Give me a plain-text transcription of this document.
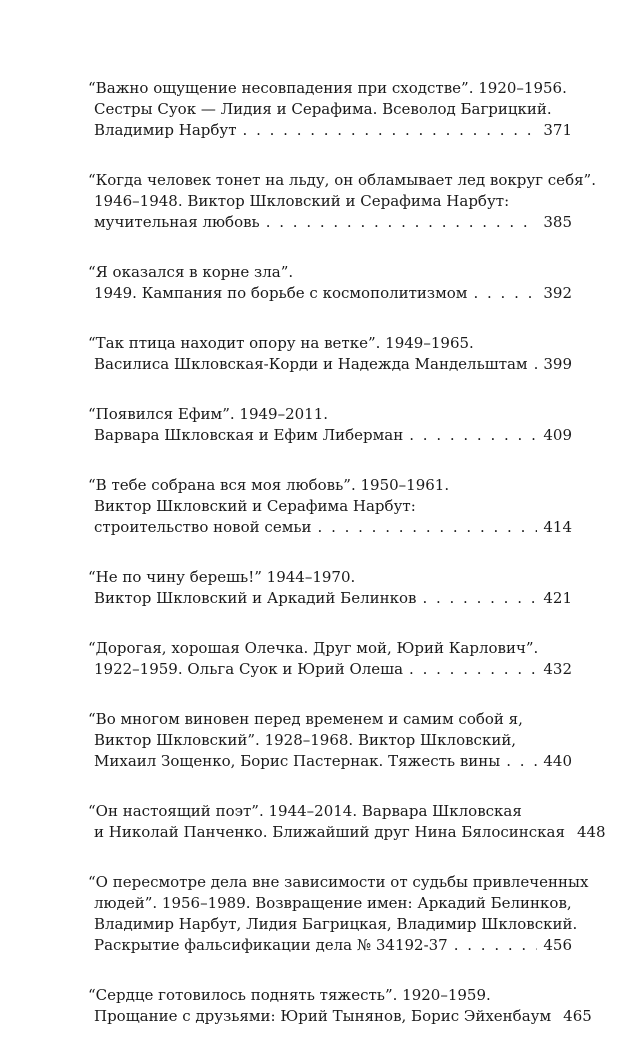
“Важно ощущение несовпадения при сходстве”. 1920–1956.
Сестры Суок — Лидия и Серафима. Всеволод Багрицкий.
Владимир Нарбут . . .	371
“Когда человек тонет на льду, он обламывает лед вокруг себя”.
1946–1948. Виктор Шкловский и Серафима Нарбут:
мучительная любовь . . .	385
“Я оказался в корне зла”.
1949. Кампания по борьбе с космополитизмом . . .	392
“Так птица находит опору на ветке”. 1949–1965.
Василиса Шкловская-Корди и Надежда Мандельштам . . . 399
“Появился Ефим”. 1949–2011.
Варвара Шкловская и Ефим Либерман . . .	409
“В тебе собрана вся моя любовь”. 1950–1961.
Виктор Шкловский и Серафима Нарбут:
строительство новой семьи . . .	414
“Не по чину берешь!” 1944–1970.
Виктор Шкловский и Аркадий Белинков . . .	421
“Дорогая, хорошая Олечка. Друг мой, Юрий Карлович”.
1922–1959. Ольга Суок и Юрий Олеша . . .	432
“Во многом виновен перед временем и самим собой я,
Виктор Шкловский”. 1928–1968. Виктор Шкловский,
Михаил Зощенко, Борис Пастернак. Тяжесть вины . . .	440
“Он настоящий поэт”. 1944–2014. Варвара Шкловская
и Николай Панченко. Ближайший друг Нина Бялосинская 448
“О пересмотре дела вне зависимости от судьбы привлеченных
людей”. 1956–1989. Возвращение имен: Аркадий Белинков,
Владимир Нарбут, Лидия Багрицкая, Владимир Шкловский.
Раскрытие фальсификации дела № 34192-37 . . .	456
“Сердце готовилось поднять тяжесть”. 1920–1959.
Прощание с друзьями: Юрий Тынянов, Борис Эйхенбаум 465
